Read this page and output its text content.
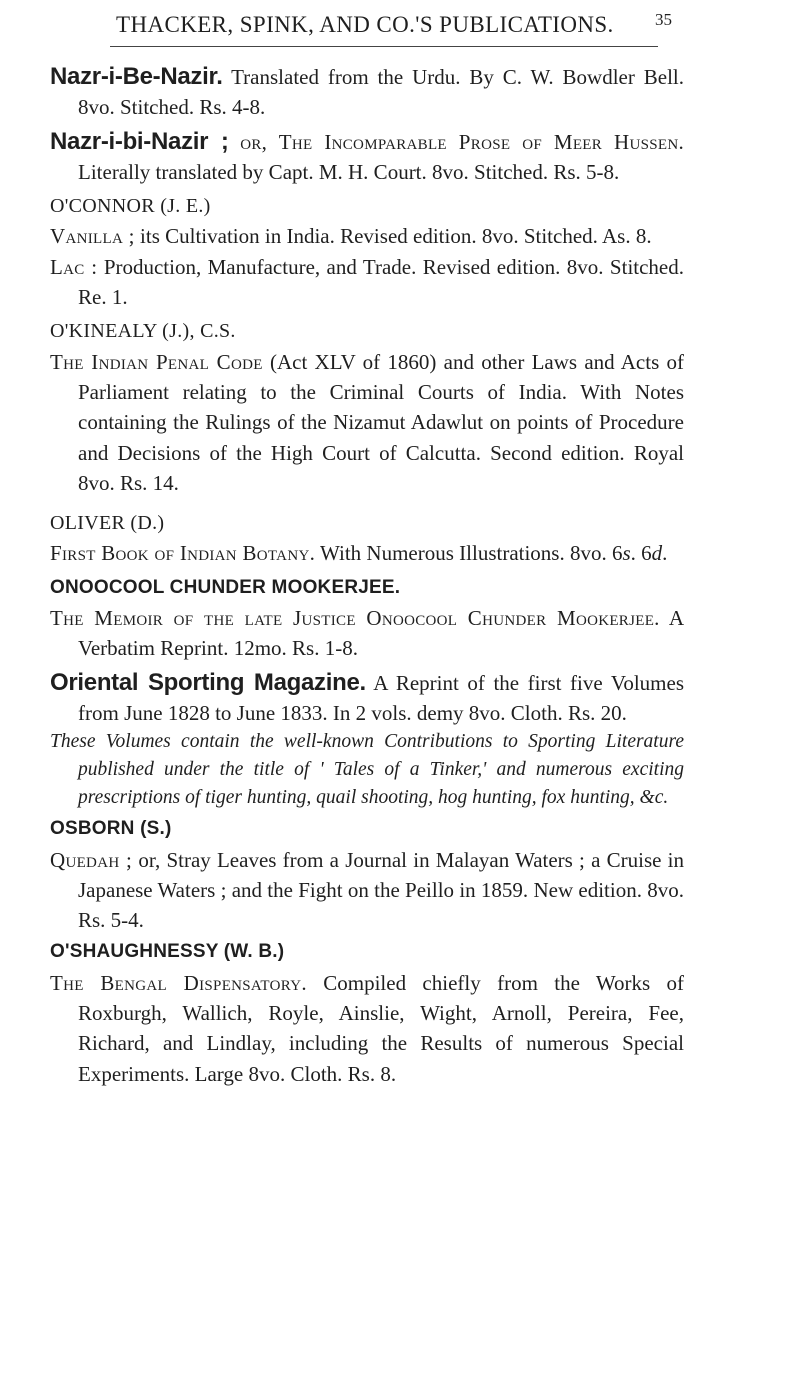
THACKER, SPINK, AND CO.'S PUBLICATIONS.	35

Nazr-i-Be-Nazir. Translated from the Urdu. By C. W. Bowdler Bell. 8vo. Stitched. Rs. 4-8.

Nazr-i-bi-Nazir ; or, The Incomparable Prose of Meer Hussen. Literally translated by Capt. M. H. Court. 8vo. Stitched. Rs. 5-8.

O'CONNOR (J. E.)

Vanilla ; its Cultivation in India. Revised edition. 8vo. Stitched. As. 8.

Lac : Production, Manufacture, and Trade. Revised edition. 8vo. Stitched. Re. 1.

O'KINEALY (J.), C.S.

The Indian Penal Code (Act XLV of 1860) and other Laws and Acts of Parliament relating to the Criminal Courts of India. With Notes containing the Rulings of the Nizamut Adawlut on points of Procedure and Decisions of the High Court of Calcutta. Second edition. Royal 8vo. Rs. 14.

OLIVER (D.)

First Book of Indian Botany. With Numerous Illustrations. 8vo. 6s. 6d.

ONOOCOOL CHUNDER MOOKERJEE.

The Memoir of the late Justice Onoocool Chunder Mookerjee. A Verbatim Reprint. 12mo. Rs. 1-8.

Oriental Sporting Magazine. A Reprint of the first five Volumes from June 1828 to June 1833. In 2 vols. demy 8vo. Cloth. Rs. 20.

These Volumes contain the well-known Contributions to Sporting Literature published under the title of ' Tales of a Tinker,' and numerous exciting prescriptions of tiger hunting, quail shooting, hog hunting, fox hunting, &c.

OSBORN (S.)

Quedah ; or, Stray Leaves from a Journal in Malayan Waters ; a Cruise in Japanese Waters ; and the Fight on the Peillo in 1859. New edition. 8vo. Rs. 5-4.

O'SHAUGHNESSY (W. B.)

The Bengal Dispensatory. Compiled chiefly from the Works of Roxburgh, Wallich, Royle, Ainslie, Wight, Arnoll, Pereira, Fee, Richard, and Lindlay, including the Results of numerous Special Experiments. Large 8vo. Cloth. Rs. 8.
